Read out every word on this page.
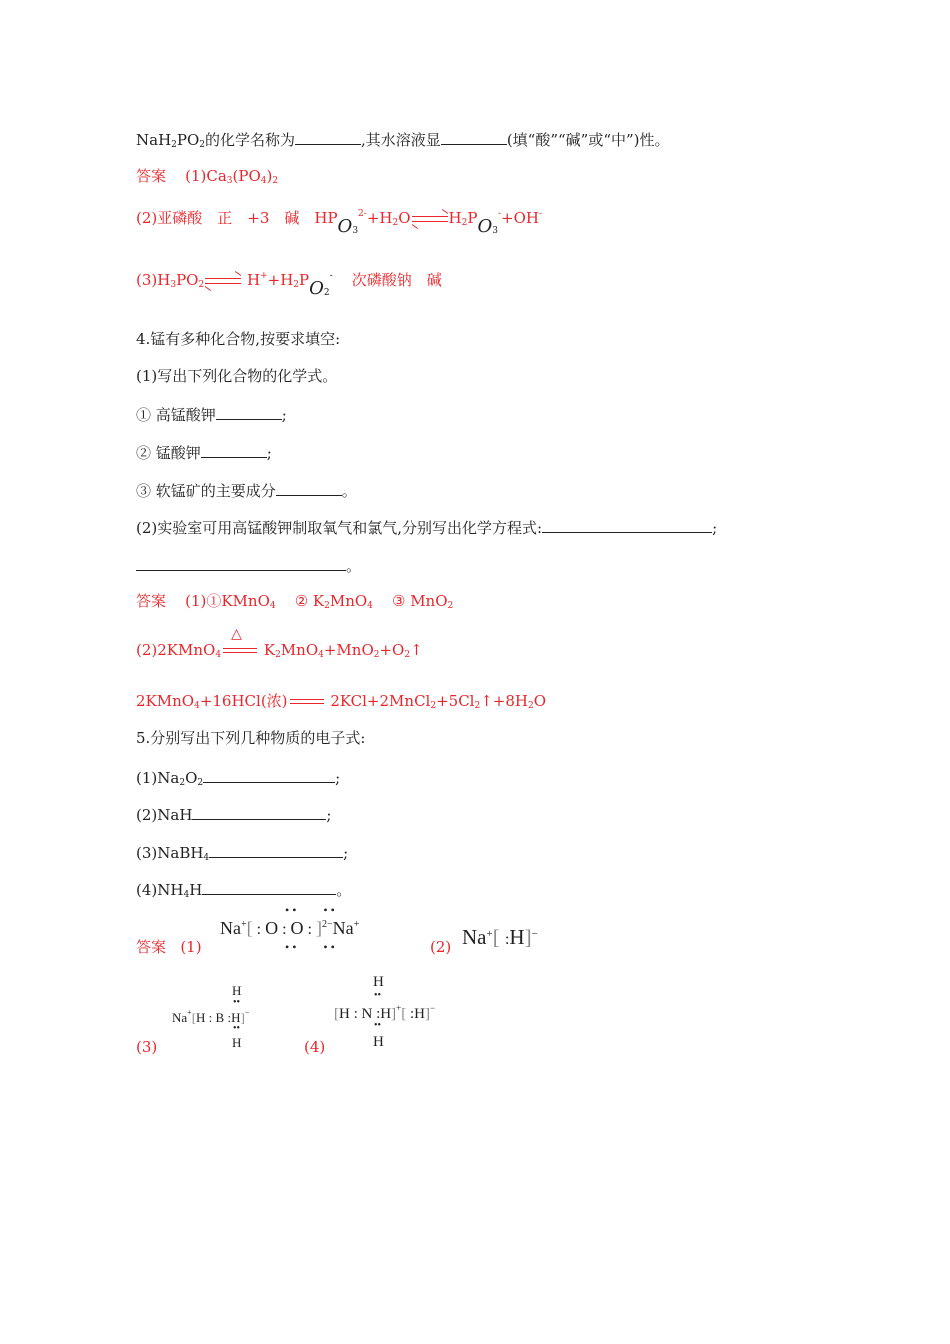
$NaH_2PO_2$的化学名称为	,其水溶液显	(填“酸”“碱”或“中”)性。
答案 $(1)Ca_3(PO_4)_2$
(2)亚磷酸　正　+3　碱　$HPO_3^{2-}+H_2O\rightleftharpoons H_2PO_3^-+OH^-$
$(3)H_3PO_2\rightleftharpoons$ $H^++H_2PO_2^-$ 次磷酸钠　碱
4.锰有多种化合物,按要求填空:
(1)写出下列化合物的化学式。
① 高锰酸钾	;
② 锰酸钾	;
③ 软锰矿的主要成分	。
(2)实验室可用高锰酸钾制取氧气和氯气,分别写出化学方程式:	;
。
答案 (1)①KMnO$_4$ ② $K_2MnO_4$ ③ MnO$_2$
(2)2KMnO$_4$
△
$K_2MnO_4+MnO_2+O_2↑$
2KMnO$_4$+16HCl(浓)	$2KCl+2MnCl_2+5Cl_2↑+8H_2O$
5.分别写出下列几种物质的电子式:
$(1)Na_2O_2$	;
(2)NaH	;
(3)NaBH$_4$	;
$(4)NH_4H$	。
答案 (1)
Na+[ : O : O : ]$^{2-}$Na+
••    ••
••    ••	(2) Na+[ :H]−
(3)
Na+[H : B :H]−
H
••
••
H	(4)
[H : N :H]+[ :H]−
H
••
••
H
